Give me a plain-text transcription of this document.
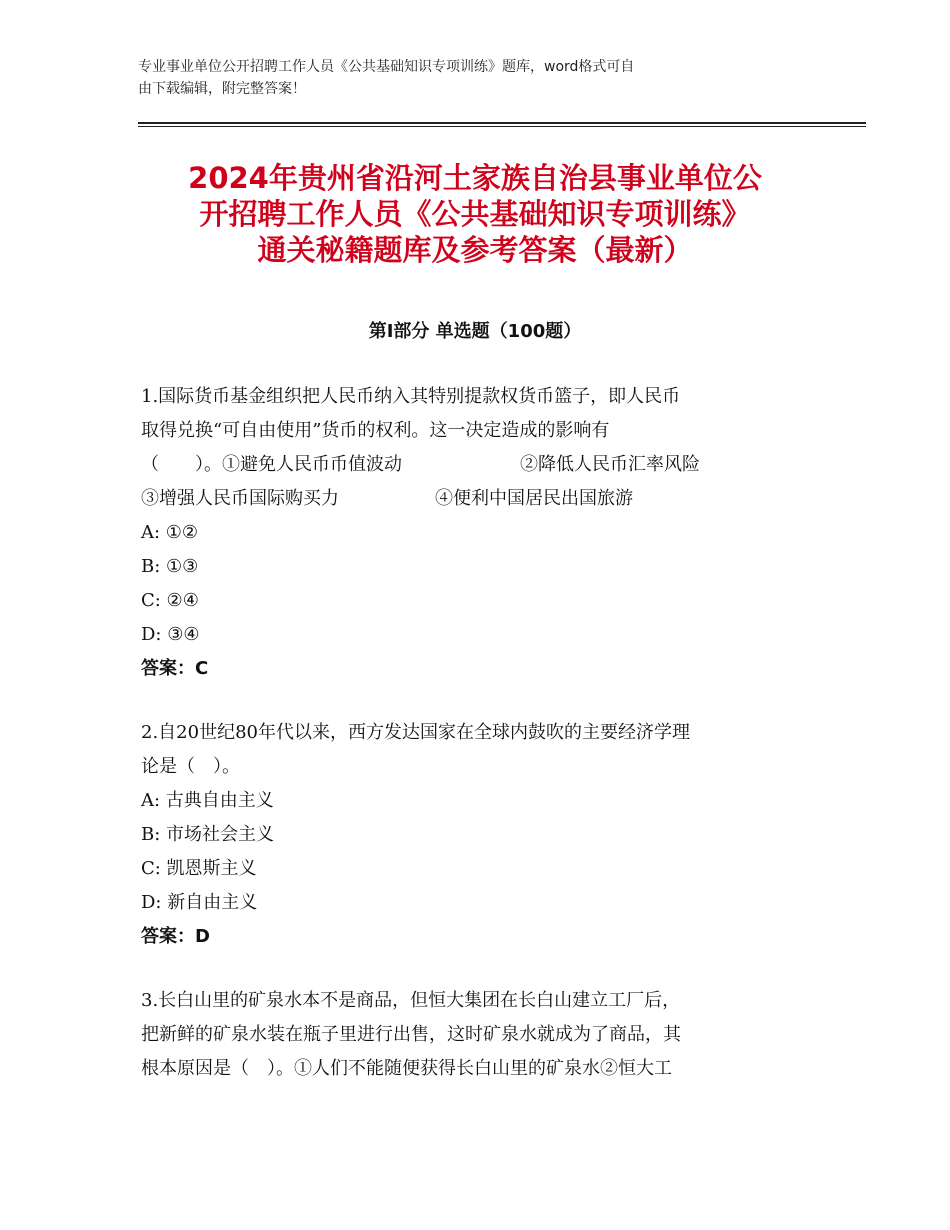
专业事业单位公开招聘工作人员《公共基础知识专项训练》题库，word格式可自
由下载编辑，附完整答案！
2024年贵州省沿河土家族自治县事业单位公
开招聘工作人员《公共基础知识专项训练》
通关秘籍题库及参考答案（最新）
第Ⅰ部分 单选题（100题）
1.国际货币基金组织把人民币纳入其特别提款权货币篮子，即人民币
取得兑换“可自由使用”货币的权利。这一决定造成的影响有
（　　）。①避免人民币币值波动	②降低人民币汇率风险
③增强人民币国际购买力	④便利中国居民出国旅游
A: ①②
B: ①③
C: ②④
D: ③④
答案：C
2.自20世纪80年代以来，西方发达国家在全球内鼓吹的主要经济学理
论是（　）。
A: 古典自由主义
B: 市场社会主义
C: 凯恩斯主义
D: 新自由主义
答案：D
3.长白山里的矿泉水本不是商品，但恒大集团在长白山建立工厂后，
把新鲜的矿泉水装在瓶子里进行出售，这时矿泉水就成为了商品，其
根本原因是（　）。①人们不能随便获得长白山里的矿泉水②恒大工
